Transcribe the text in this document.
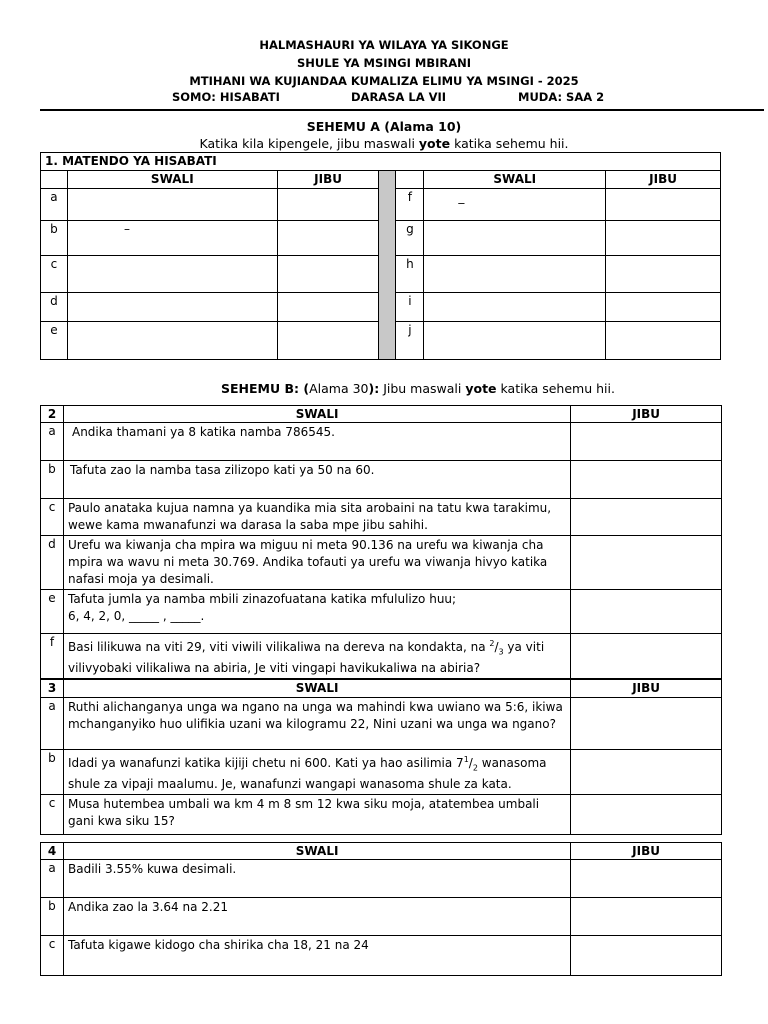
HALMASHAURI YA WILAYA YA SIKONGE
SHULE YA MSINGI MBIRANI
MTIHANI WA KUJIANDAA KUMALIZA ELIMU YA MSINGI - 2025
SOMO: HISABATI	DARASA LA VII	MUDA: SAA 2
SEHEMU A (Alama 10)
Katika kila kipengele, jibu maswali yote katika sehemu hii.
1. MATENDO YA HISABATI						
	SWALI	JIBU			SWALI	JIBU
a				f	_	
b	–			g		
c				h		
d				i		
e				j		
SEHEMU B: (Alama 30): Jibu maswali yote katika sehemu hii.
2	SWALI	JIBU
a	Andika thamani ya 8 katika namba 786545.	
b	Tafuta zao la namba tasa zilizopo kati ya 50 na 60.	
c	Paulo anataka kujua namna ya kuandika mia sita arobaini na tatu kwa tarakimu, wewe kama mwanafunzi wa darasa la saba mpe jibu sahihi.	
d	Urefu wa kiwanja cha mpira wa miguu ni meta 90.136 na urefu wa kiwanja cha mpira wa wavu ni meta 30.769. Andika tofauti ya urefu wa viwanja hivyo katika nafasi moja ya desimali.	
e	Tafuta jumla ya namba mbili zinazofuatana katika mfululizo huu;
6, 4, 2, 0, _____ , _____.	

f	Basi lilikuwa na viti 29, viti viwili vilikaliwa na dereva na kondakta, na $^2/_3$ ya viti vilivyobaki vilikaliwa na abiria, Je viti vingapi havikukaliwa na abiria?	
3	SWALI	JIBU
a	Ruthi alichanganya unga wa ngano na unga wa mahindi kwa uwiano wa 5:6, ikiwa mchanganyiko huo ulifikia uzani wa kilogramu 22, Nini uzani wa unga wa ngano?	
b	Idadi ya wanafunzi katika kijiji chetu ni 600. Kati ya hao asilimia $7^1/_2$ wanasoma shule za vipaji maalumu. Je, wanafunzi wangapi wanasoma shule za kata.	
c	Musa hutembea umbali wa km 4 m 8 sm 12 kwa siku moja, atatembea umbali gani kwa siku 15?	
4	SWALI	JIBU
a	Badili 3.55% kuwa desimali.	
b	Andika zao la 3.64 na 2.21	
c	Tafuta kigawe kidogo cha shirika cha 18, 21 na 24	
